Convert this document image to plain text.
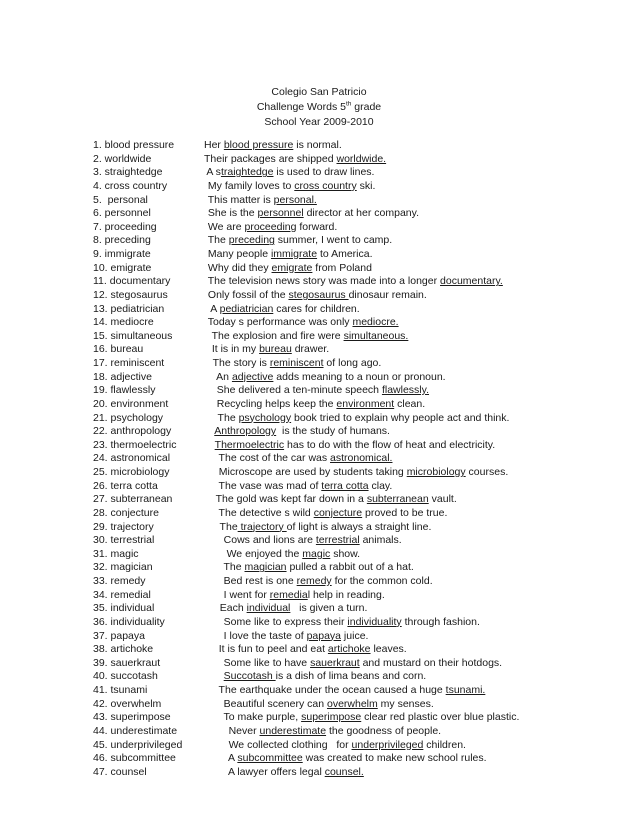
Colegio San Patricio
Challenge Words 5th grade
School Year 2009-2010
1. blood pressure	Her blood pressure is normal.
2. worldwide	Their packages are shipped worldwide.
3. straightedge	A straightedge is used to draw lines.
4. cross country	My family loves to cross country ski.
5.  personal	This matter is personal.
6. personnel	She is the personnel director at her company.
7. proceeding	We are proceeding forward.
8. preceding	The preceding summer, I went to camp.
9. immigrate	Many people immigrate to America.
10. emigrate	Why did they emigrate from Poland
11. documentary	The television news story was made into a longer documentary.
12. stegosaurus	Only fossil of the stegosaurus dinosaur remain.
13. pediatrician	A pediatrician cares for children.
14. mediocre	Today s performance was only mediocre.
15. simultaneous	The explosion and fire were simultaneous.
16. bureau	It is in my bureau drawer.
17. reminiscent	The story is reminiscent of long ago.
18. adjective	An adjective adds meaning to a noun or pronoun.
19. flawlessly	She delivered a ten-minute speech flawlessly.
20. environment	Recycling helps keep the environment clean.
21. psychology	The psychology book tried to explain why people act and think.
22. anthropology	Anthropology  is the study of humans.
23. thermoelectric	Thermoelectric has to do with the flow of heat and electricity.
24. astronomical	The cost of the car was astronomical.
25. microbiology	Microscope are used by students taking microbiology courses.
26. terra cotta	The vase was mad of terra cotta clay.
27. subterranean	The gold was kept far down in a subterranean vault.
28. conjecture	The detective s wild conjecture proved to be true.
29. trajectory	The trajectory of light is always a straight line.
30. terrestrial	Cows and lions are terrestrial animals.
31. magic	We enjoyed the magic show.
32. magician	The magician pulled a rabbit out of a hat.
33. remedy	Bed rest is one remedy for the common cold.
34. remedial	I went for remedial help in reading.
35. individual	Each individual   is given a turn.
36. individuality	Some like to express their individuality through fashion.
37. papaya	I love the taste of papaya juice.
38. artichoke	It is fun to peel and eat artichoke leaves.
39. sauerkraut	Some like to have sauerkraut and mustard on their hotdogs.
40. succotash	Succotash is a dish of lima beans and corn.
41. tsunami	The earthquake under the ocean caused a huge tsunami.
42. overwhelm	Beautiful scenery can overwhelm my senses.
43. superimpose	To make purple, superimpose clear red plastic over blue plastic.
44. underestimate	Never underestimate the goodness of people.
45. underprivileged	We collected clothing   for underprivileged children.
46. subcommittee	A subcommittee was created to make new school rules.
47. counsel	A lawyer offers legal counsel.
